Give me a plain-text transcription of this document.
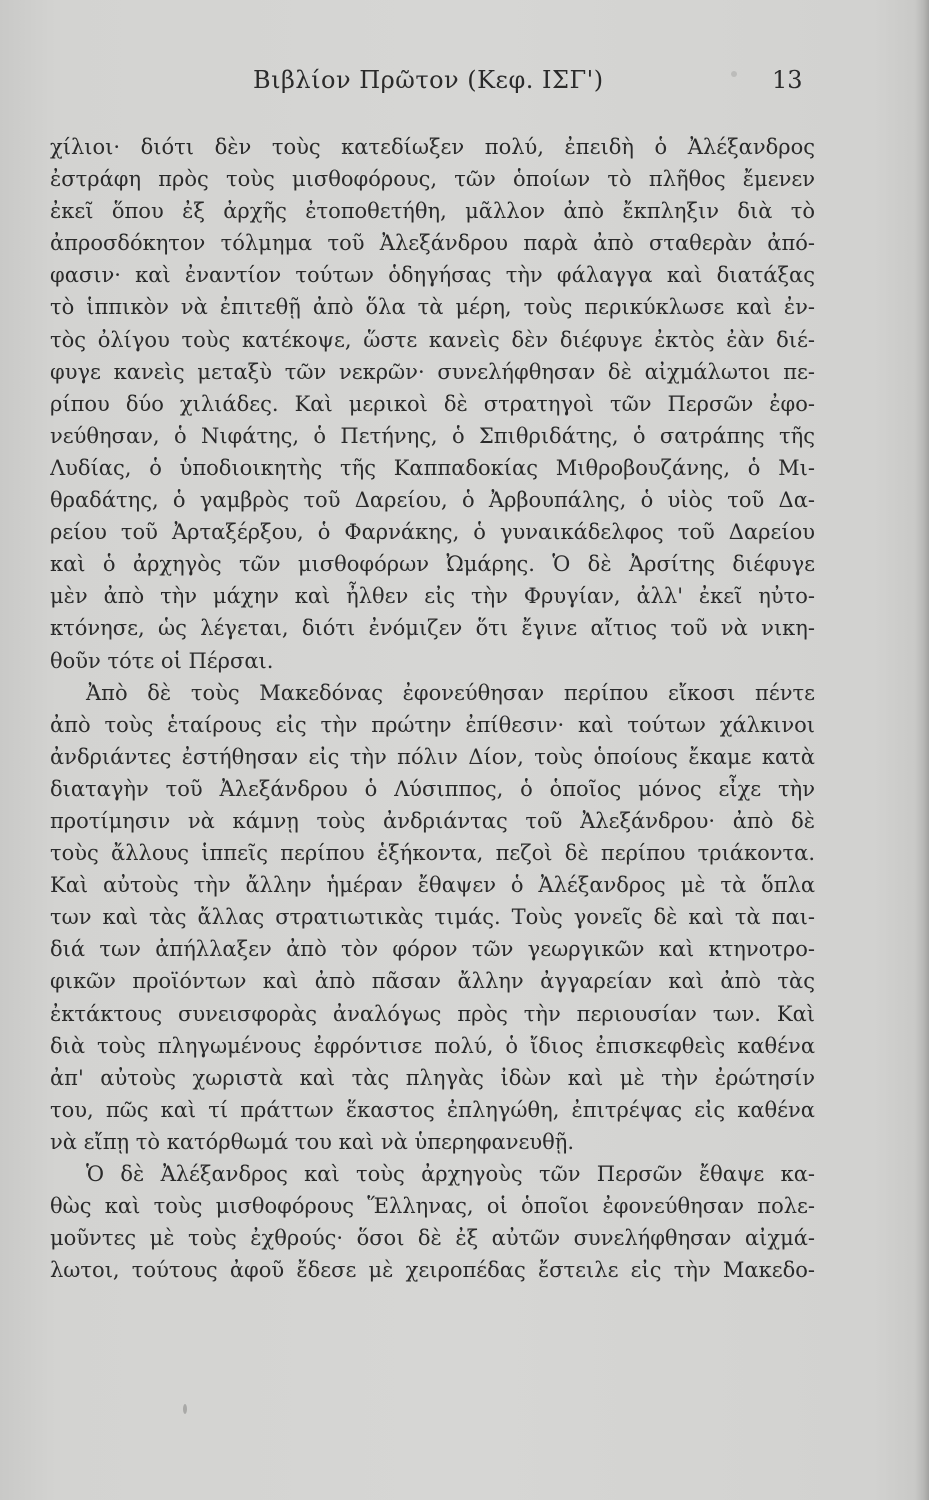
Βιβλίον Πρῶτον (Κεφ. ΙΣΓ')	13
χίλιοι· διότι δὲν τοὺς κατεδίωξεν πολύ, ἐπειδὴ ὁ Ἀλέξανδρος
ἐστράφη πρὸς τοὺς μισθοφόρους, τῶν ὁποίων τὸ πλῆθος ἔμενεν
ἐκεῖ ὅπου ἐξ ἀρχῆς ἐτοποθετήθη, μᾶλλον ἀπὸ ἔκπληξιν διὰ τὸ
ἀπροσδόκητον τόλμημα τοῦ Ἀλεξάνδρου παρὰ ἀπὸ σταθερὰν ἀπό-
φασιν· καὶ ἐναντίον τούτων ὁδηγήσας τὴν φάλαγγα καὶ διατάξας
τὸ ἱππικὸν νὰ ἐπιτεθῇ ἀπὸ ὅλα τὰ μέρη, τοὺς περικύκλωσε καὶ ἐν-
τὸς ὀλίγου τοὺς κατέκοψε, ὥστε κανεὶς δὲν διέφυγε ἐκτὸς ἐὰν διέ-
φυγε κανεὶς μεταξὺ τῶν νεκρῶν· συνελήφθησαν δὲ αἰχμάλωτοι πε-
ρίπου δύο χιλιάδες. Καὶ μερικοὶ δὲ στρατηγοὶ τῶν Περσῶν ἐφο-
νεύθησαν, ὁ Νιφάτης, ὁ Πετήνης, ὁ Σπιθριδάτης, ὁ σατράπης τῆς
Λυδίας, ὁ ὑποδιοικητὴς τῆς Καππαδοκίας Μιθροβουζάνης, ὁ Μι-
θραδάτης, ὁ γαμβρὸς τοῦ Δαρείου, ὁ Ἀρβουπάλης, ὁ υἱὸς τοῦ Δα-
ρείου τοῦ Ἀρταξέρξου, ὁ Φαρνάκης, ὁ γυναικάδελφος τοῦ Δαρείου
καὶ ὁ ἀρχηγὸς τῶν μισθοφόρων Ὠμάρης. Ὁ δὲ Ἀρσίτης διέφυγε
μὲν ἀπὸ τὴν μάχην καὶ ἦλθεν εἰς τὴν Φρυγίαν, ἀλλ' ἐκεῖ ηὐτο-
κτόνησε, ὡς λέγεται, διότι ἐνόμιζεν ὅτι ἔγινε αἴτιος τοῦ νὰ νικη-
θοῦν τότε οἱ Πέρσαι.
Ἀπὸ δὲ τοὺς Μακεδόνας ἐφονεύθησαν περίπου εἴκοσι πέντε
ἀπὸ τοὺς ἑταίρους εἰς τὴν πρώτην ἐπίθεσιν· καὶ τούτων χάλκινοι
ἀνδριάντες ἐστήθησαν εἰς τὴν πόλιν Δίον, τοὺς ὁποίους ἔκαμε κατὰ
διαταγὴν τοῦ Ἀλεξάνδρου ὁ Λύσιππος, ὁ ὁποῖος μόνος εἶχε τὴν
προτίμησιν νὰ κάμνῃ τοὺς ἀνδριάντας τοῦ Ἀλεξάνδρου· ἀπὸ δὲ
τοὺς ἄλλους ἱππεῖς περίπου ἑξήκοντα, πεζοὶ δὲ περίπου τριάκοντα.
Καὶ αὐτοὺς τὴν ἄλλην ἡμέραν ἔθαψεν ὁ Ἀλέξανδρος μὲ τὰ ὅπλα
των καὶ τὰς ἄλλας στρατιωτικὰς τιμάς. Τοὺς γονεῖς δὲ καὶ τὰ παι-
διά των ἀπήλλαξεν ἀπὸ τὸν φόρον τῶν γεωργικῶν καὶ κτηνοτρο-
φικῶν προϊόντων καὶ ἀπὸ πᾶσαν ἄλλην ἀγγαρείαν καὶ ἀπὸ τὰς
ἐκτάκτους συνεισφορὰς ἀναλόγως πρὸς τὴν περιουσίαν των. Καὶ
διὰ τοὺς πληγωμένους ἐφρόντισε πολύ, ὁ ἴδιος ἐπισκεφθεὶς καθένα
ἀπ' αὐτοὺς χωριστὰ καὶ τὰς πληγὰς ἰδὼν καὶ μὲ τὴν ἐρώτησίν
του, πῶς καὶ τί πράττων ἕκαστος ἐπληγώθη, ἐπιτρέψας εἰς καθένα
νὰ εἴπῃ τὸ κατόρθωμά του καὶ νὰ ὑπερηφανευθῇ.
Ὁ δὲ Ἀλέξανδρος καὶ τοὺς ἀρχηγοὺς τῶν Περσῶν ἔθαψε κα-
θὼς καὶ τοὺς μισθοφόρους Ἕλληνας, οἱ ὁποῖοι ἐφονεύθησαν πολε-
μοῦντες μὲ τοὺς ἐχθρούς· ὅσοι δὲ ἐξ αὐτῶν συνελήφθησαν αἰχμά-
λωτοι, τούτους ἀφοῦ ἔδεσε μὲ χειροπέδας ἔστειλε εἰς τὴν Μακεδο-
